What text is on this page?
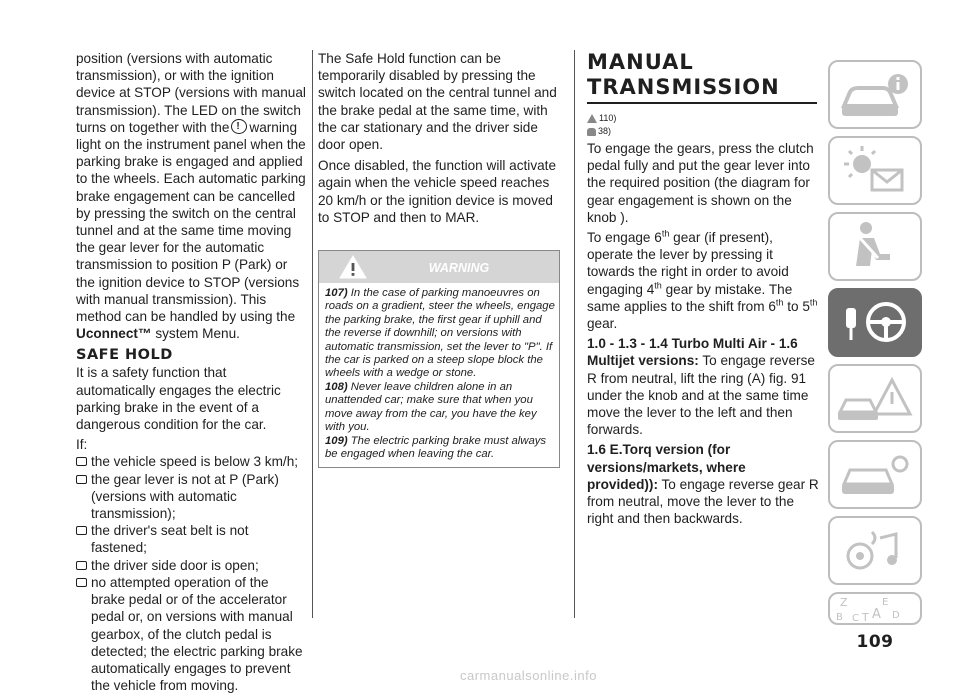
position (versions with automatic transmission), or with the ignition device at STOP (versions with manual transmission). The LED on the switch turns on together with the! warning light on the instrument panel when the parking brake is engaged and applied to the wheels. Each automatic parking brake engagement can be cancelled by pressing the switch on the central tunnel and at the same time moving the gear lever for the automatic transmission to position P (Park) or the ignition device to STOP (versions with manual transmission). This method can be handled by using the Uconnect™ system Menu.

SAFE HOLD

It is a safety function that automatically engages the electric parking brake in the event of a dangerous condition for the car.

If:

the vehicle speed is below 3 km/h;
the gear lever is not at P (Park) (versions with automatic transmission);
the driver's seat belt is not fastened;
the driver side door is open;
no attempted operation of the brake pedal or of the accelerator pedal or, on versions with manual gearbox, of the clutch pedal is detected; the electric parking brake automatically engages to prevent the vehicle from moving.

The Safe Hold function can be temporarily disabled by pressing the switch located on the central tunnel and the brake pedal at the same time, with the car stationary and the driver side door open.

Once disabled, the function will activate again when the vehicle speed reaches 20 km/h or the ignition device is moved to STOP and then to MAR.

WARNING

107) In the case of parking manoeuvres on roads on a gradient, steer the wheels, engage the parking brake, the first gear if uphill and the reverse if downhill; on versions with automatic transmission, set the lever to "P". If the car is parked on a steep slope block the wheels with a wedge or stone.

108) Never leave children alone in an unattended car; make sure that when you move away from the car, you have the key with you.

109) The electric parking brake must always be engaged when leaving the car.

MANUAL TRANSMISSION
110)
38)

To engage the gears, press the clutch pedal fully and put the gear lever into the required position (the diagram for gear engagement is shown on the knob ).

To engage 6th gear (if present), operate the lever by pressing it towards the right in order to avoid engaging 4th gear by mistake. The same applies to the shift from 6th to 5th gear.

1.0 - 1.3 - 1.4 Turbo Multi Air - 1.6 Multijet versions: To engage reverse R from neutral, lift the ring (A) fig. 91 under the knob and at the same time move the lever to the left and then forwards.

1.6 E.Torq version (for versions/markets, where provided)): To engage reverse gear R from neutral, move the lever to the right and then backwards.

Z	E
B A
C T D
109
carmanualsonline.info
